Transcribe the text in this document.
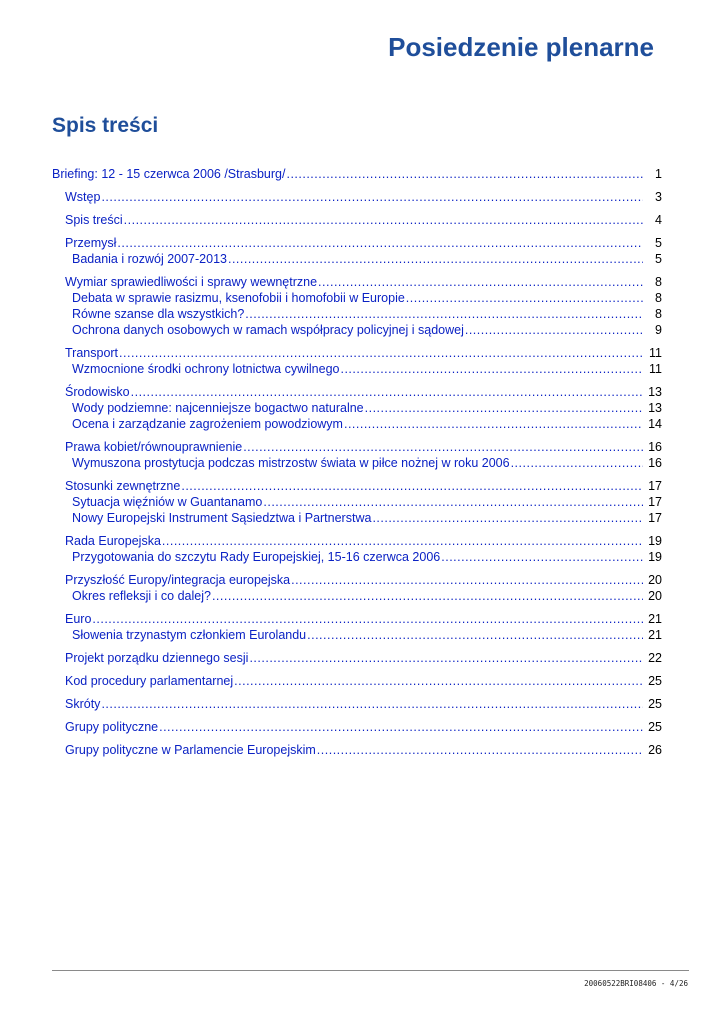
Posiedzenie plenarne
Spis treści
Briefing: 12 - 15 czerwca 2006 /Strasburg/ .....	1
Wstęp .....	3
Spis treści .....	4
Przemysł .....	5
Badania i rozwój 2007-2013 .....	5
Wymiar sprawiedliwości i sprawy wewnętrzne .....	8
Debata w sprawie rasizmu, ksenofobii i homofobii w Europie .....	8
Równe szanse dla wszystkich? .....	8
Ochrona danych osobowych w ramach współpracy policyjnej i sądowej .....	9
Transport .....	11
Wzmocnione środki ochrony lotnictwa cywilnego .....	11
Środowisko .....	13
Wody podziemne: najcenniejsze bogactwo naturalne .....	13
Ocena i zarządzanie zagrożeniem powodziowym .....	14
Prawa kobiet/równouprawnienie .....	16
Wymuszona prostytucja podczas mistrzostw świata w piłce nożnej w roku 2006 .....	16
Stosunki zewnętrzne .....	17
Sytuacja więźniów w Guantanamo .....	17
Nowy Europejski Instrument Sąsiedztwa i Partnerstwa .....	17
Rada Europejska .....	19
Przygotowania do szczytu Rady Europejskiej, 15-16 czerwca 2006 .....	19
Przyszłość Europy/integracja europejska .....	20
Okres refleksji i co dalej? .....	20
Euro .....	21
Słowenia trzynastym członkiem Eurolandu .....	21
Projekt porządku dziennego sesji .....	22
Kod procedury parlamentarnej .....	25
Skróty .....	25
Grupy polityczne .....	25
Grupy polityczne w Parlamencie Europejskim .....	26
20060522BRI08406 - 4/26
